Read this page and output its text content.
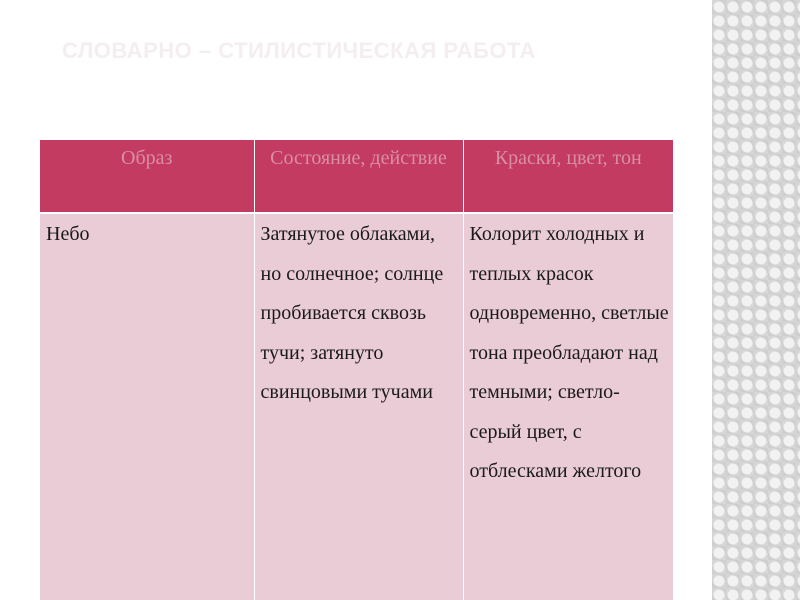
СЛОВАРНО – СТИЛИСТИЧЕСКАЯ РАБОТА
Образ	Состояние, действие	Краски, цвет, тон
Небо	Затянутое облаками, но солнечное; солнце пробивается сквозь тучи; затянуто свинцовыми тучами	Колорит холодных и теплых красок одновременно, светлые тона преобладают над темными; светло-серый цвет, с отблесками желтого
